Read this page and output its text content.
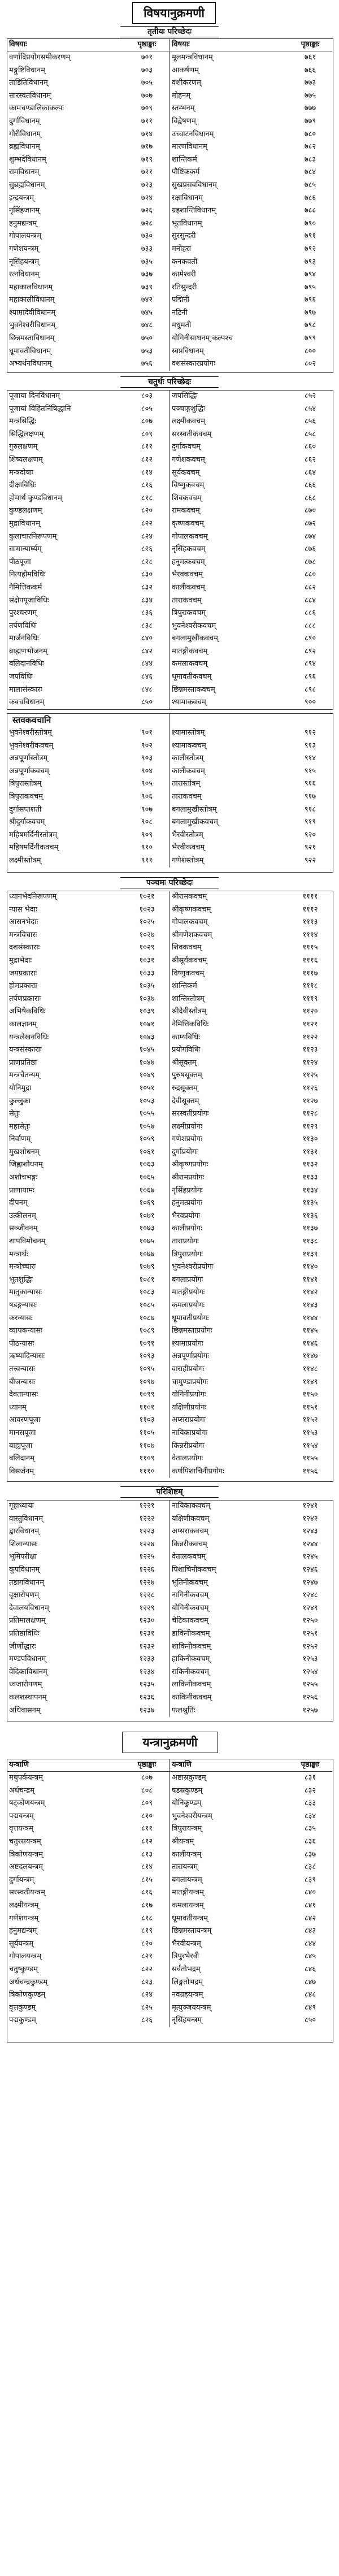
विषयानुक्रमणी
तृतीयः परिच्छेदः
विषयाः	पृष्ठाङ्काः
वर्णादिप्रयोगसमीकरणम्	७०१
मङ्गुष्टिविधानम्	७०३
ताडितिविधानम्	७०५
सारस्वतविधानम्	७०७
कामचण्डालिकाकल्पः	७०९
दुर्गाविधानम्	७११
गौरीविधानम्	७१४
ब्रह्मविधानम्	७१७
शुम्भदेविधानम्	७१९
रामविधानम्	७२१
सुब्रह्मविधानम्	७२३
इन्द्रयन्त्रम्	७२४
नृसिंहजानम्	७२६
हनुमद्यन्त्रम्	७२८
गोपालयन्त्रम्	७३०
गणेशयन्त्रम्	७३३
नृसिंहयन्त्रम्	७३५
रत्नविधानम्	७३७
महाकालविधानम्	७३९
महाकालीविधानम्	७४२
श्यामादेवीविधानम्	७४५
भुवनेश्वरीविधानम्	७४८
छिन्नमस्ताविधानम्	७५०
धूमावतीविधानम्	७५३
अभ्यर्थनविधानम्	७५६
विषयाः	पृष्ठाङ्काः
मूलमन्त्रविधानम्	७६१
आकर्षणम्	७६६
वशीकरणम्	७७३
मोहनम्	७७५
स्तम्भनम्	७७७
विद्वेषणम्	७७९
उच्चाटनविधानम्	७८०
मारणविधानम्	७८२
शान्तिकर्म	७८३
पौष्टिककर्म	७८४
सुखप्रसवविधानम्	७८५
रक्षाविधानम्	७८६
ग्रहशान्तिविधानम्	७८८
भूतविधानम्	७९०
सुरसुन्दरी	७९१
मनोहरा	७९२
कनकवती	७९३
कामेश्वरी	७९४
रतिसुन्दरी	७९५
पद्मिनी	७९६
नटिनी	७९७
मधुमती	७९८
योगिनीसाधनम् कल्पश्च	७९९
स्वप्नविधानम्	८००
वशसंस्कारप्रयोगः	८०२
चतुर्थः परिच्छेदः
पूजाया दिनविधानम्	८०३
पूजायां विहितनिषिद्धानि	८०५
मन्त्रसिद्धिः	८०७
सिद्धिलक्षणम्	८०९
गुरुलक्षणम्	८११
शिष्यलक्षणम्	८१२
मन्त्रदोषाः	८१४
दीक्षाविधिः	८१६
होमार्थ कुण्डविधानम्	८१८
कुण्डलक्षणम्	८२०
मुद्राविधानम्	८२२
कुलाचारनिरूपणम्	८२४
सामान्यार्घ्यम्	८२६
पीठपूजा	८२८
नित्यहोमविधिः	८३०
नैमित्तिककर्म	८३२
संक्षेपपूजाविधिः	८३४
पुरश्चरणम्	८३६
तर्पणविधिः	८३८
मार्जनविधिः	८४०
ब्राह्मणभोजनम्	८४२
बलिदानविधिः	८४४
जपविधिः	८४६
मालासंस्कारः	८४८
कवचविधानम्	८५०
जपसिद्धिः	८५२
पञ्चाङ्गशुद्धिः	८५४
लक्ष्मीकवचम्	८५६
सरस्वतीकवचम्	८५८
दुर्गाकवचम्	८६०
गणेशकवचम्	८६२
सूर्यकवचम्	८६४
विष्णुकवचम्	८६६
शिवकवचम्	८६८
रामकवचम्	८७०
कृष्णकवचम्	८७२
गोपालकवचम्	८७४
नृसिंहकवचम्	८७६
हनुमत्कवचम्	८७८
भैरवकवचम्	८८०
कालीकवचम्	८८२
ताराकवचम्	८८४
त्रिपुराकवचम्	८८६
भुवनेश्वरीकवचम्	८८८
बगलामुखीकवचम्	८९०
मातङ्गीकवचम्	८९२
कमलाकवचम्	८९४
धूमावतीकवचम्	८९६
छिन्नमस्ताकवचम्	८९८
श्यामाकवचम्	९००
स्तवकवचानि
भुवनेश्वरीस्तोत्रम्	९०१
भुवनेश्वरीकवचम्	९०२
अन्नपूर्णास्तोत्रम्	९०३
अन्नपूर्णाकवचम्	९०४
त्रिपुरास्तोत्रम्	९०५
त्रिपुराकवचम्	९०६
दुर्गासप्तशती	९०७
श्रीदुर्गाकवचम्	९०८
महिषमर्दिनीस्तोत्रम्	९०९
महिषमर्दिनीकवचम्	९१०
लक्ष्मीस्तोत्रम्	९११
श्यामास्तोत्रम्	९१२
श्यामाकवचम्	९१३
कालीस्तोत्रम्	९१४
कालीकवचम्	९१५
तारास्तोत्रम्	९१६
ताराकवचम्	९१७
बगलामुखीस्तोत्रम्	९१८
बगलामुखीकवचम्	९१९
भैरवीस्तोत्रम्	९२०
भैरवीकवचम्	९२१
गणेशस्तोत्रम्	९२२
पञ्चमः परिच्छेदः
ध्यानभेदनिरूपणम्	१०२१
न्यास भेदाः	१०२३
आसनभेदाः	१०२५
मन्त्रविचारः	१०२७
दशसंस्काराः	१०२९
मुद्राभेदाः	१०३१
जपप्रकाराः	१०३३
होमप्रकाराः	१०३५
तर्पणप्रकाराः	१०३७
अभिषेकविधिः	१०३९
कालज्ञानम्	१०४१
यन्त्रलेखनविधिः	१०४३
यन्त्रसंस्काराः	१०४५
प्राणप्रतिष्ठा	१०४७
मन्त्रचैतन्यम्	१०४९
योनिमुद्रा	१०५१
कुल्लुका	१०५३
सेतुः	१०५५
महासेतुः	१०५७
निर्वाणम्	१०५९
मुखशोधनम्	१०६१
जिह्वाशोधनम्	१०६३
अशौचभङ्गः	१०६५
प्राणायामः	१०६७
दीपनम्	१०६९
उत्कीलनम्	१०७१
सञ्जीवनम्	१०७३
शापविमोचनम्	१०७५
मन्त्रार्थः	१०७७
मन्त्रोच्चारः	१०७९
भूतशुद्धिः	१०८१
मातृकान्यासः	१०८३
षडङ्गन्यासः	१०८५
करन्यासः	१०८७
व्यापकन्यासः	१०८९
पीठन्यासः	१०९१
ऋष्यादिन्यासः	१०९३
तत्त्वन्यासः	१०९५
बीजन्यासः	१०९७
देवतान्यासः	१०९९
ध्यानम्	११०१
आवरणपूजा	११०३
मानसपूजा	११०५
बाह्यपूजा	११०७
बलिदानम्	११०९
विसर्जनम्	१११०
श्रीरामकवचम्	११११
श्रीकृष्णकवचम्	१११२
गोपालकवचम्	१११३
श्रीगणेशकवचम्	१११४
शिवकवचम्	१११५
श्रीसूर्यकवचम्	१११६
विष्णुकवचम्	१११७
शान्तिकर्म	१११८
शान्तिस्तोत्रम्	१११९
श्रीदेवीस्तोत्रम्	११२०
नैमित्तिकविधिः	११२१
काम्यविधिः	११२२
प्रयोगविधिः	११२३
श्रीसूक्तम्	११२४
पुरुषसूक्तम्	११२५
रुद्रसूक्तम्	११२६
देवीसूक्तम्	११२७
सरस्वतीप्रयोगः	११२८
लक्ष्मीप्रयोगः	११२९
गणेशप्रयोगः	११३०
दुर्गाप्रयोगः	११३१
श्रीकृष्णप्रयोगः	११३२
श्रीरामप्रयोगः	११३३
नृसिंहप्रयोगः	११३४
हनुमत्प्रयोगः	११३५
भैरवप्रयोगः	११३६
कालीप्रयोगः	११३७
ताराप्रयोगः	११३८
त्रिपुराप्रयोगः	११३९
भुवनेश्वरीप्रयोगः	११४०
बगलाप्रयोगः	११४१
मातङ्गीप्रयोगः	११४२
कमलाप्रयोगः	११४३
धूमावतीप्रयोगः	११४४
छिन्नमस्ताप्रयोगः	११४५
श्यामाप्रयोगः	११४६
अन्नपूर्णाप्रयोगः	११४७
वाराहीप्रयोगः	११४८
चामुण्डाप्रयोगः	११४९
योगिनीप्रयोगः	११५०
यक्षिणीप्रयोगः	११५१
अप्सराप्रयोगः	११५२
नायिकाप्रयोगः	११५३
किन्नरीप्रयोगः	११५४
वेतालप्रयोगः	११५५
कर्णपिशाचिनीप्रयोगः	११५६
परिशिष्टम्
गृहाध्यायः	१२२१
वास्तुविधानम्	१२२२
द्वारविधानम्	१२२३
शिलान्यासः	१२२४
भूमिपरीक्षा	१२२५
कूपविधानम्	१२२६
तडागविधानम्	१२२७
वृक्षारोपणम्	१२२८
देवालयविधानम्	१२२९
प्रतिमालक्षणम्	१२३०
प्रतिष्ठाविधिः	१२३१
जीर्णोद्धारः	१२३२
मण्डपविधानम्	१२३३
वेदिकाविधानम्	१२३४
ध्वजारोपणम्	१२३५
कलशस्थापनम्	१२३६
अधिवासनम्	१२३७
नायिकाकवचम्	१२४१
यक्षिणीकवचम्	१२४२
अप्सराकवचम्	१२४३
किन्नरीकवचम्	१२४४
वेतालकवचम्	१२४५
पिशाचिनीकवचम्	१२४६
भूतिनीकवचम्	१२४७
नागिनीकवचम्	१२४८
योगिनीकवचम्	१२४९
चेटिकाकवचम्	१२५०
डाकिनीकवचम्	१२५१
शाकिनीकवचम्	१२५२
हाकिनीकवचम्	१२५३
राकिनीकवचम्	१२५४
लाकिनीकवचम्	१२५५
काकिनीकवचम्	१२५६
फलश्रुतिः	१२५७
यन्त्रानुक्रमणी
यन्त्राणि	पृष्ठाङ्काः
मधुपर्कयन्त्रम्	८०७
अर्धचन्द्रम्	८०८
षट्कोणयन्त्रम्	८०९
पद्मयन्त्रम्	८१०
वृत्तयन्त्रम्	८११
चतुरस्रयन्त्रम्	८१२
त्रिकोणयन्त्रम्	८१३
अष्टदलयन्त्रम्	८१४
दुर्गायन्त्रम्	८१५
सरस्वतीयन्त्रम्	८१६
लक्ष्मीयन्त्रम्	८१७
गणेशयन्त्रम्	८१८
हनुमद्यन्त्रम्	८१९
सूर्ययन्त्रम्	८२०
गोपालयन्त्रम्	८२१
चतुष्कुण्डम्	८२२
अर्धचन्द्रकुण्डम्	८२३
त्रिकोणकुण्डम्	८२४
वृत्तकुण्डम्	८२५
पद्मकुण्डम्	८२६
यन्त्राणि	पृष्ठाङ्काः
अष्टास्रकुण्डम्	८३१
षडस्रकुण्डम्	८३२
योनिकुण्डम्	८३३
भुवनेश्वरीयन्त्रम्	८३४
त्रिपुरायन्त्रम्	८३५
श्रीयन्त्रम्	८३६
कालीयन्त्रम्	८३७
तारायन्त्रम्	८३८
बगलायन्त्रम्	८३९
मातङ्गीयन्त्रम्	८४०
कमलायन्त्रम्	८४१
धूमावतीयन्त्रम्	८४२
छिन्नमस्तायन्त्रम्	८४३
भैरवीयन्त्रम्	८४४
त्रिपुरभैरवी	८४५
सर्वतोभद्रम्	८४६
लिङ्गतोभद्रम्	८४७
नवग्रहयन्त्रम्	८४८
मृत्युञ्जययन्त्रम्	८४९
नृसिंहयन्त्रम्	८५०
